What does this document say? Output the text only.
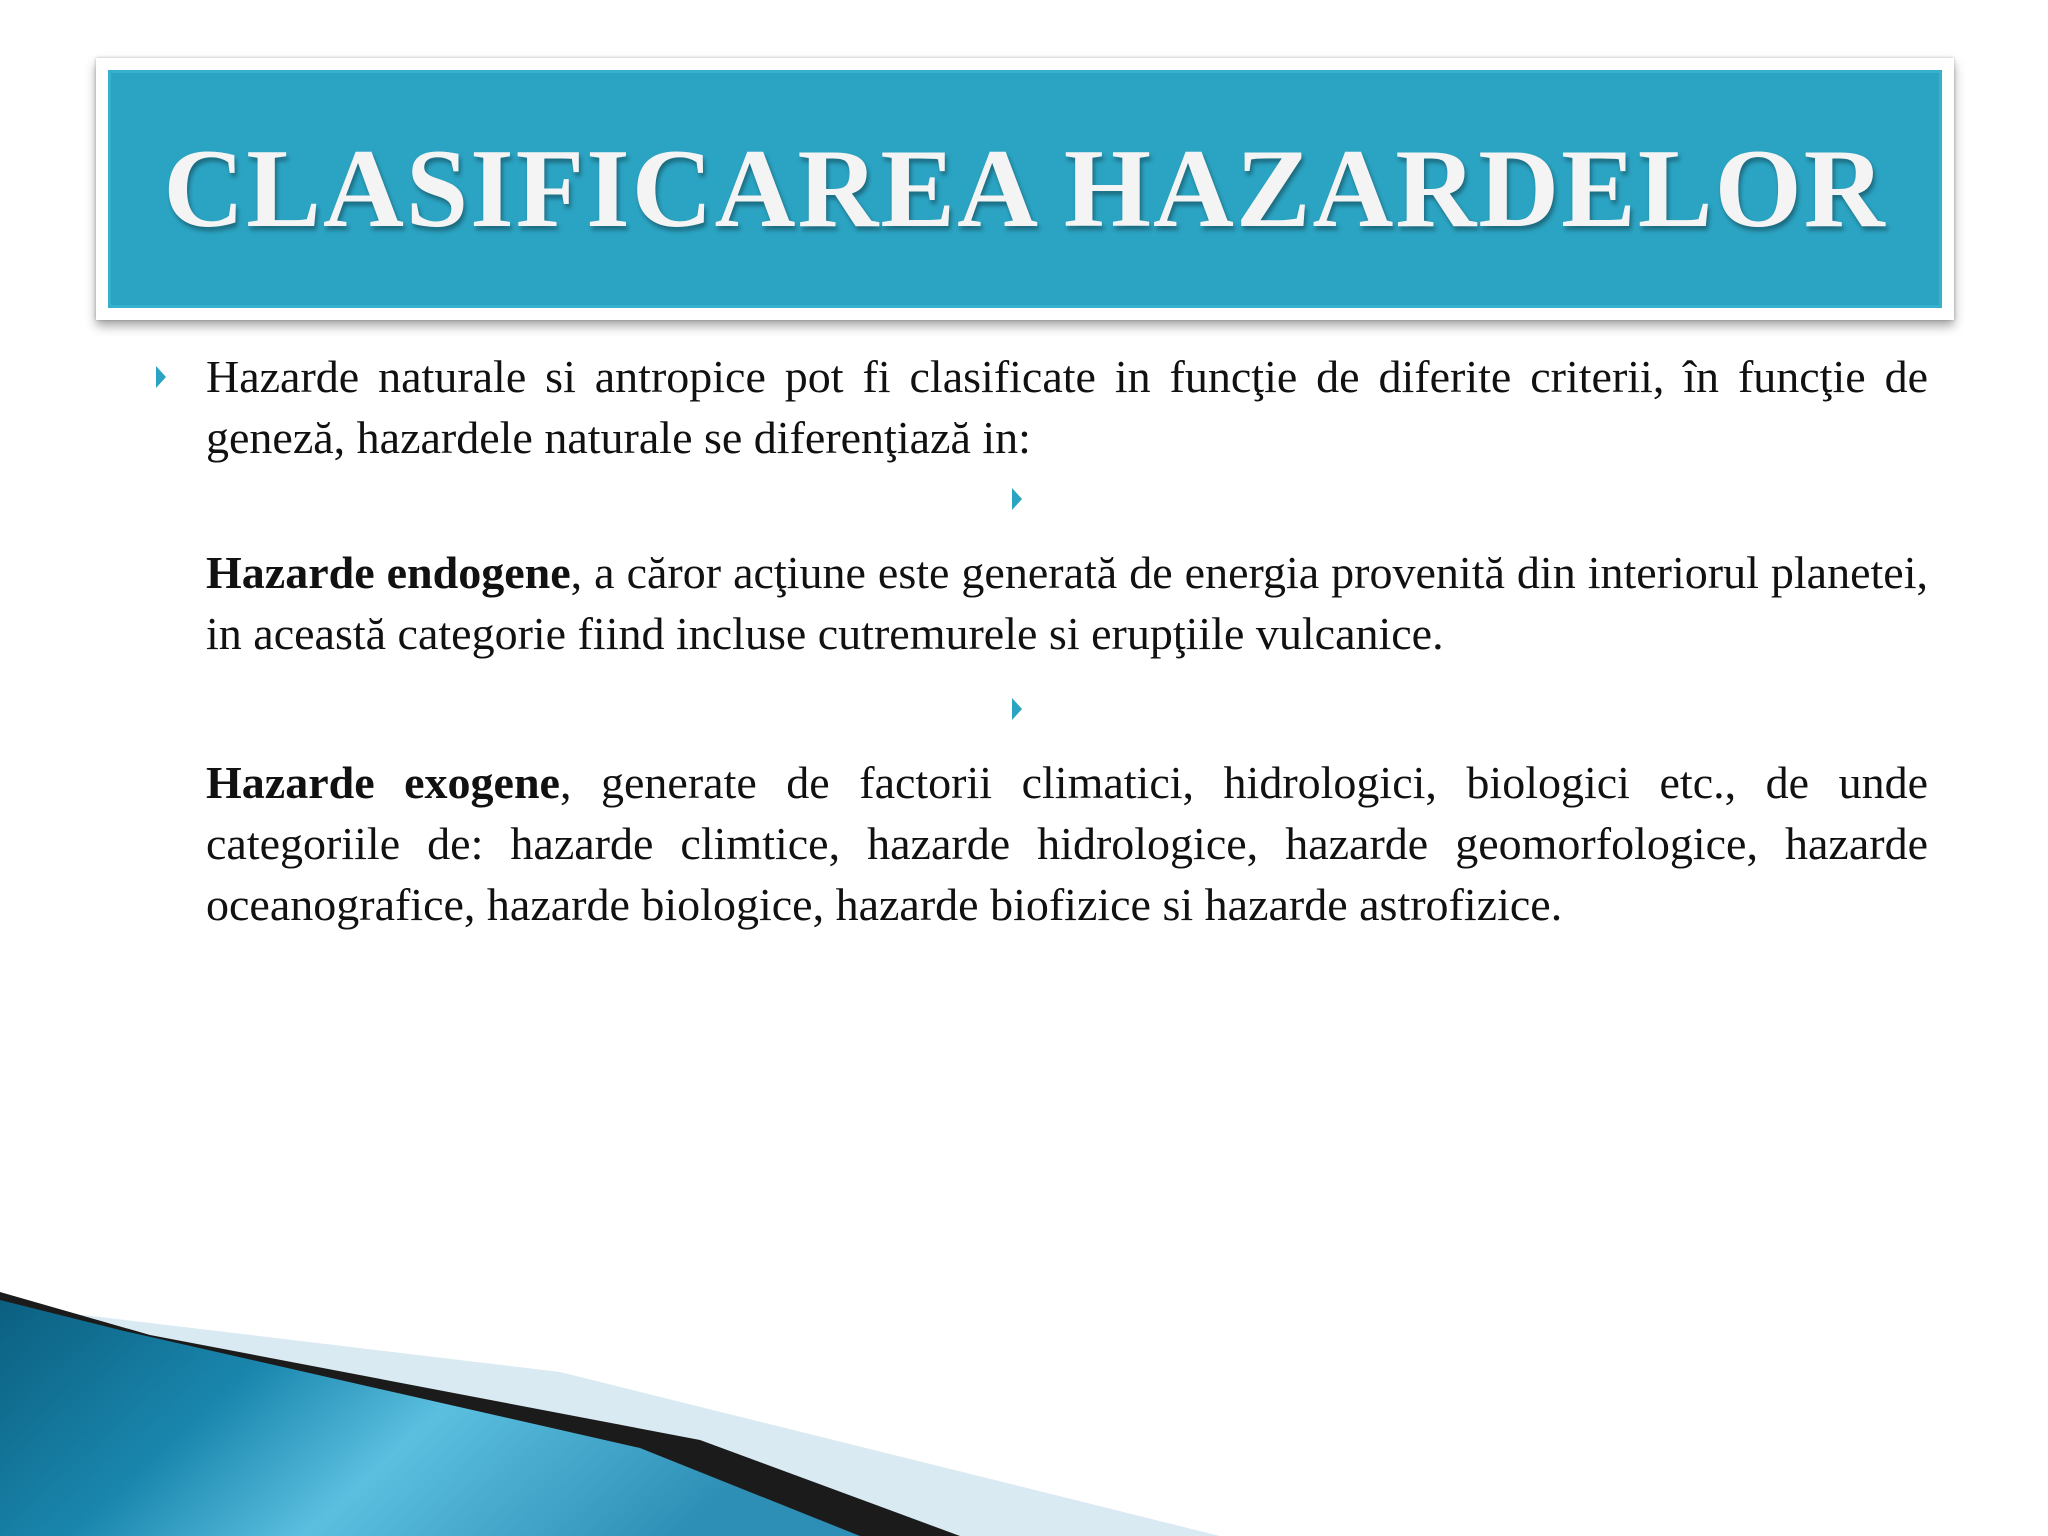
CLASIFICAREA HAZARDELOR

Hazarde naturale si antropice pot fi clasificate in funcţie de diferite criterii, în funcţie de geneză, hazardele naturale se diferenţiază in:

Hazarde endogene, a căror acţiune este generată de energia provenită din interiorul planetei, in această categorie fiind incluse cutremurele si erupţiile vulcanice.

Hazarde exogene, generate de factorii climatici, hidrologici, biologici etc., de unde categoriile de: hazarde climtice, hazarde hidrologice, hazarde geomorfologice, hazarde oceanografice, hazarde biologice, hazarde biofizice si hazarde astrofizice.
